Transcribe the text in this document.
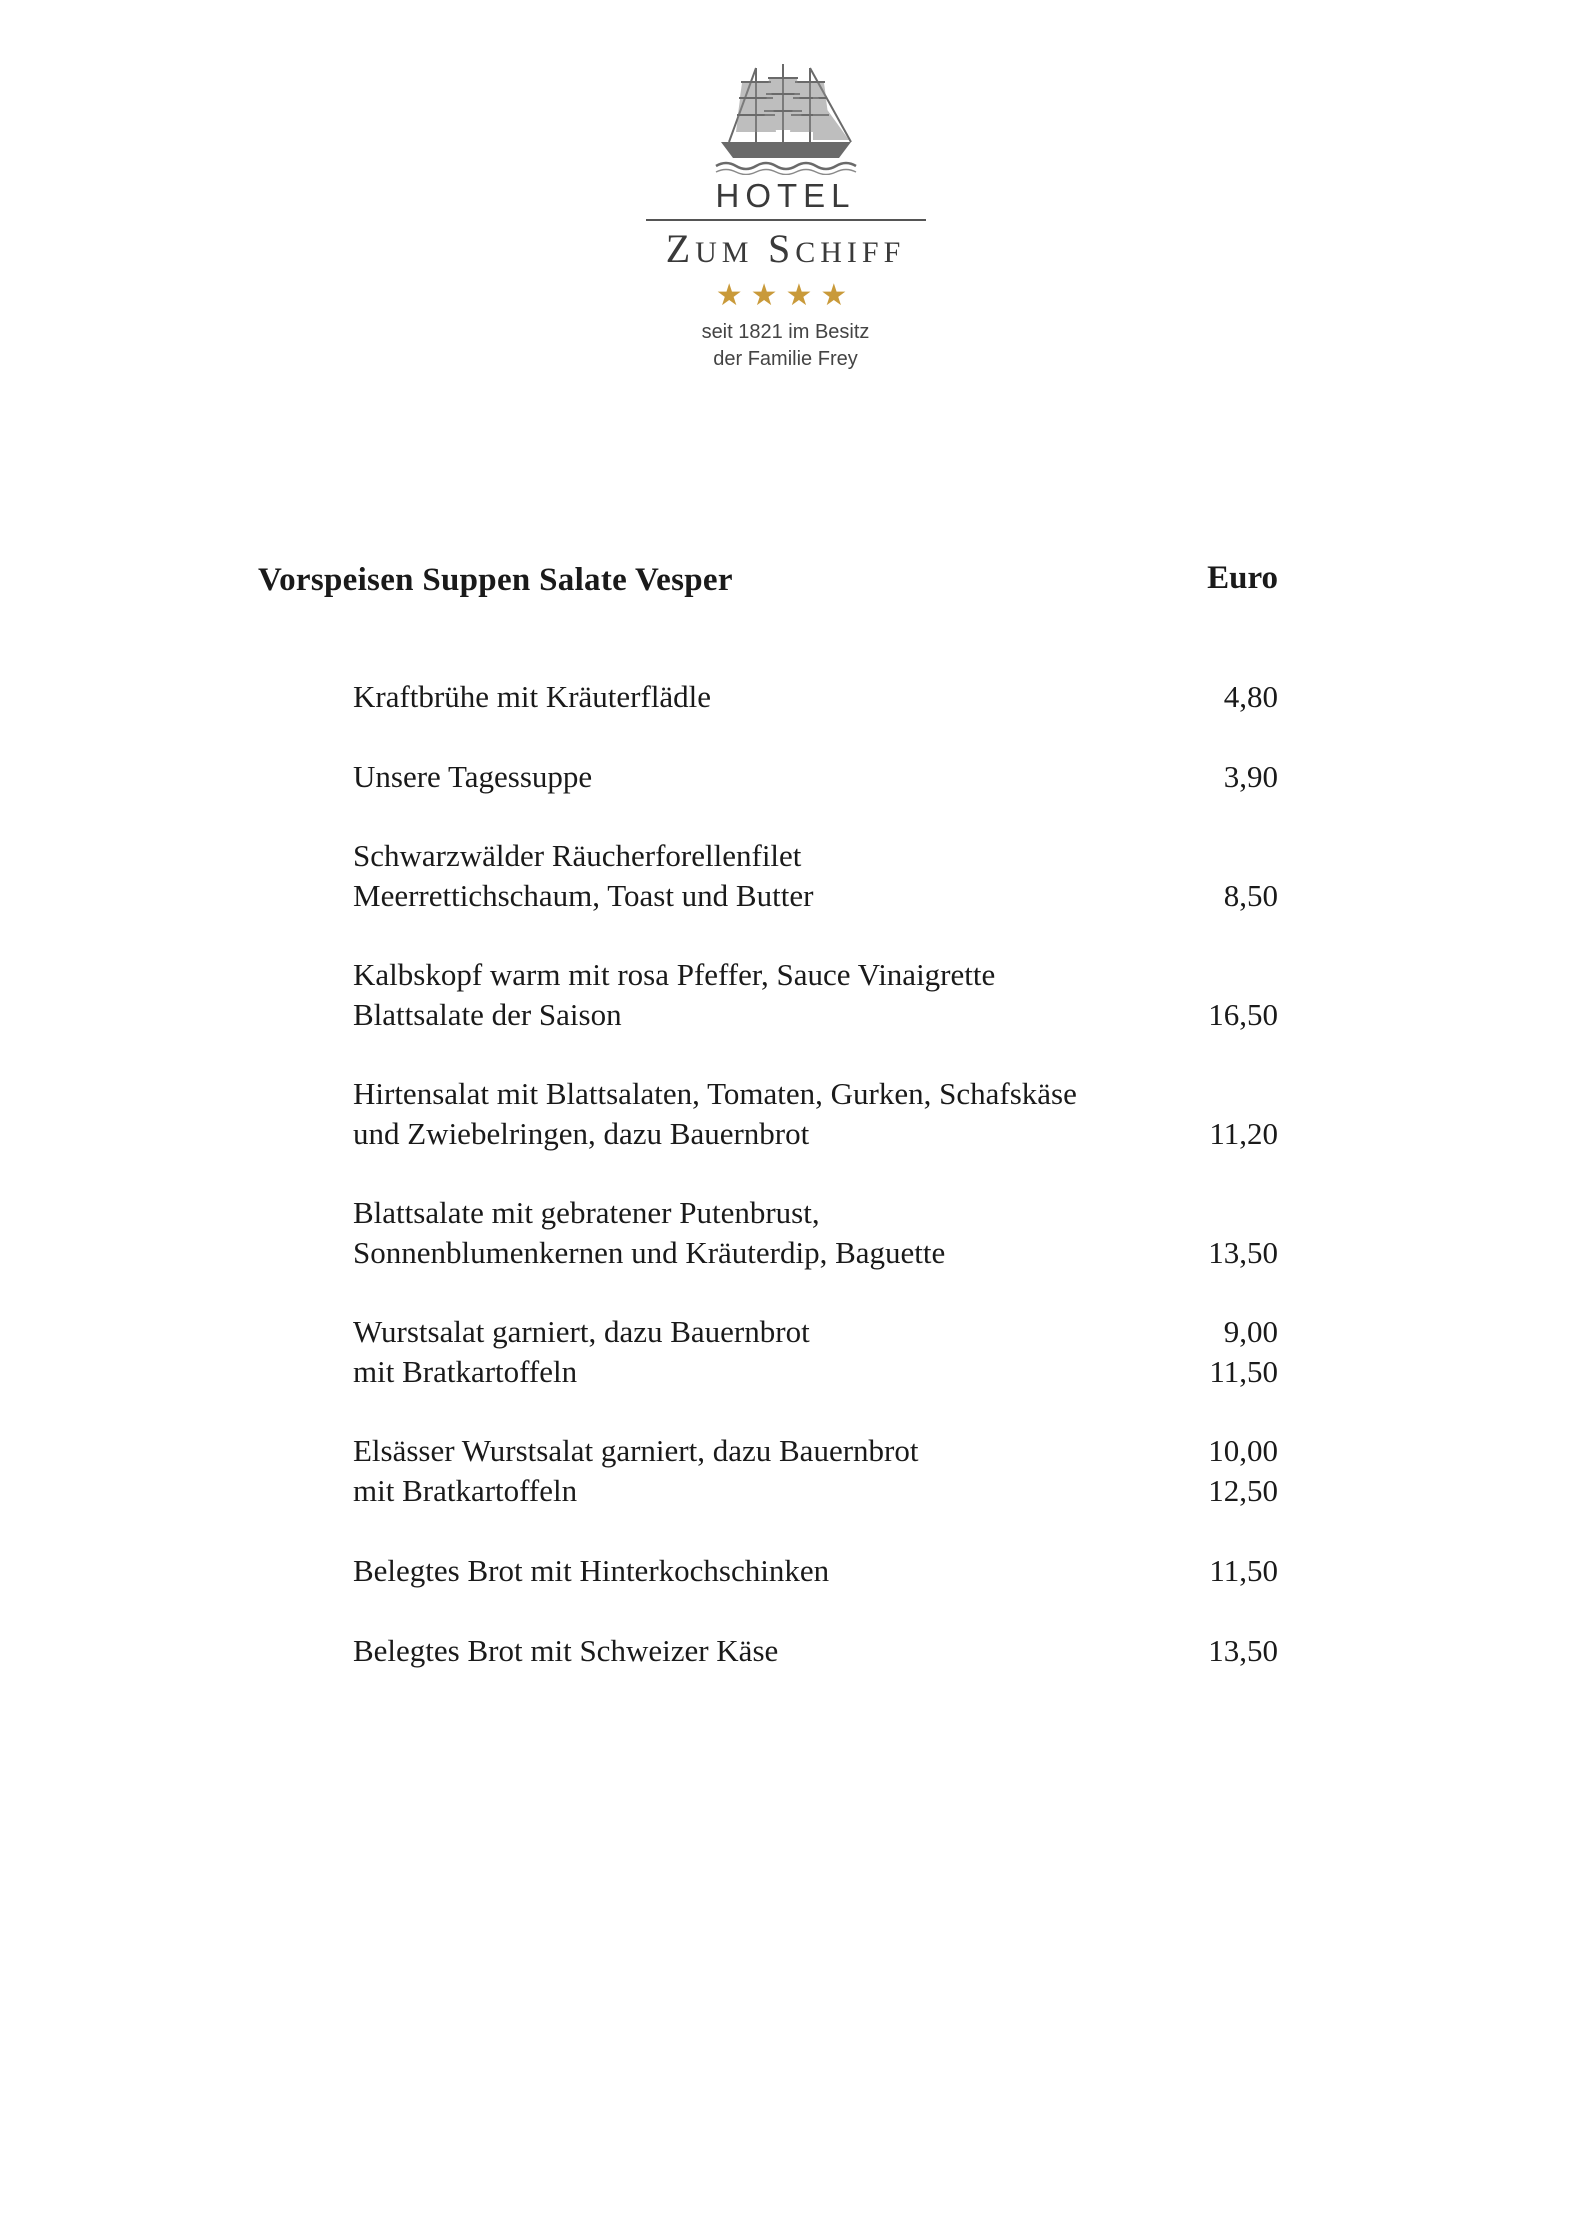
HOTEL
ZUM SCHIFF
★★★★
seit 1821 im Besitz
der Familie Frey
Vorspeisen Suppen Salate Vesper	Euro
Kraftbrühe mit Kräuterflädle	4,80
Unsere Tagessuppe	3,90
Schwarzwälder Räucherforellenfilet
Meerrettichschaum, Toast und Butter	8,50
Kalbskopf warm mit rosa Pfeffer, Sauce Vinaigrette
Blattsalate der Saison	16,50
Hirtensalat mit Blattsalaten, Tomaten, Gurken, Schafskäse
und Zwiebelringen, dazu Bauernbrot	11,20
Blattsalate mit gebratener Putenbrust,
Sonnenblumenkernen und Kräuterdip, Baguette	13,50
Wurstsalat garniert, dazu Bauernbrot	9,00
mit Bratkartoffeln	11,50
Elsässer Wurstsalat garniert, dazu Bauernbrot	10,00
mit Bratkartoffeln	12,50
Belegtes Brot mit Hinterkochschinken	11,50
Belegtes Brot mit Schweizer Käse	13,50
